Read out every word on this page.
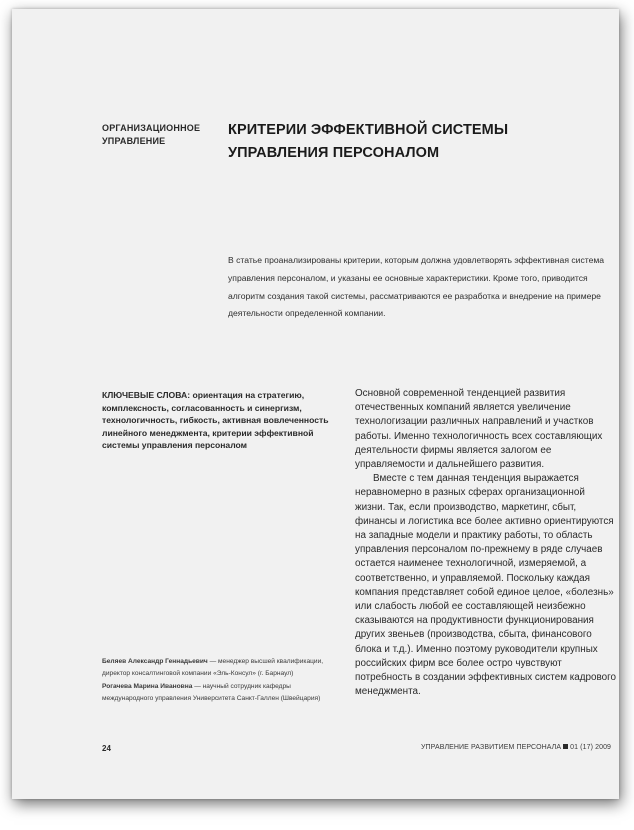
ОРГАНИЗАЦИОННОЕ
УПРАВЛЕНИЕ
КРИТЕРИИ ЭФФЕКТИВНОЙ СИСТЕМЫ
УПРАВЛЕНИЯ ПЕРСОНАЛОМ

В статье проанализированы критерии, которым должна удовлетворять эффективная система управления персоналом, и указаны ее основные характеристики. Кроме того, приводится алгоритм создания такой системы, рассматриваются ее разработка и внедрение на примере деятельности определенной компании.

КЛЮЧЕВЫЕ СЛОВА: ориентация на стратегию, комплексность, согласованность и синергизм, технологичность, гибкость, активная вовлеченность линейного менеджмента, критерии эффективной системы управления персоналом

Беляев Александр Геннадьевич — менеджер высшей квалификации, директор консалтинговой компании «Эль-Консул» (г. Барнаул)

Рогачева Марина Ивановна — научный сотрудник кафедры международного управления Университета Санкт-Галлен (Швейцария)

Основной современной тенденцией развития отечественных компаний является увеличение технологизации различных направлений и участков работы. Именно технологичность всех составляющих деятельности фирмы является залогом ее управляемости и дальнейшего развития.

Вместе с тем данная тенденция выражается неравномерно в разных сферах организационной жизни. Так, если производство, маркетинг, сбыт, финансы и логистика все более активно ориентируются на западные модели и практику работы, то область управления персоналом по-прежнему в ряде случаев остается наименее технологичной, измеряемой, а соответственно, и управляемой. Поскольку каждая компания представляет собой единое целое, «болезнь» или слабость любой ее составляющей неизбежно сказываются на продуктивности функционирования других звеньев (производства, сбыта, финансового блока и т.д.). Именно поэтому руководители крупных российских фирм все более остро чувствуют потребность в создании эффективных систем кадрового менеджмента.

24	УПРАВЛЕНИЕ РАЗВИТИЕМ ПЕРСОНАЛА 01 (17) 2009
